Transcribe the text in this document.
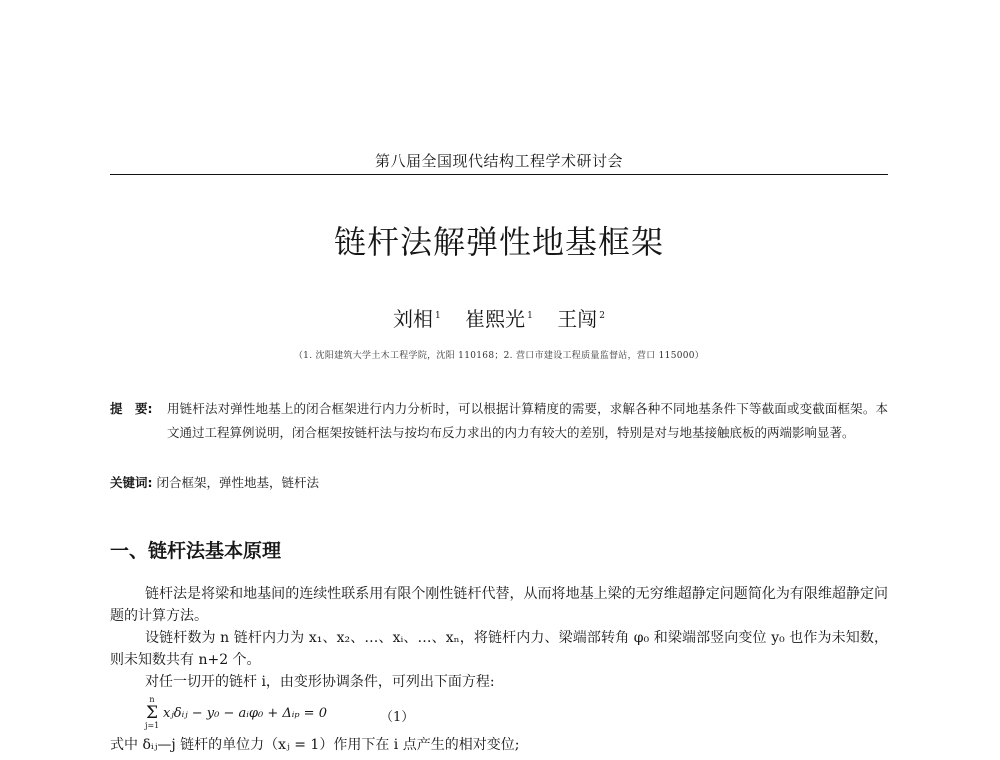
第八届全国现代结构工程学术研讨会
链杆法解弹性地基框架
刘相 $^1$ 崔熙光 $^1$ 王闯 $^2$
（1. 沈阳建筑大学土木工程学院，沈阳 110168；2. 营口市建设工程质量监督站，营口 115000）
提　要: 用链杆法对弹性地基上的闭合框架进行内力分析时，可以根据计算精度的需要，求解各种不同地基条件下等截面或变截面框架。本文通过工程算例说明，闭合框架按链杆法与按均布反力求出的内力有较大的差别，特别是对与地基接触底板的两端影响显著。
关键词: 闭合框架，弹性地基，链杆法
一、链杆法基本原理
链杆法是将梁和地基间的连续性联系用有限个刚性链杆代替，从而将地基上梁的无穷维超静定问题简化为有限维超静定问题的计算方法。
设链杆数为 n 链杆内力为 x₁、x₂、…、xᵢ、…、xₙ，将链杆内力、梁端部转角 φ₀ 和梁端部竖向变位 y₀ 也作为未知数，则未知数共有 n+2 个。
对任一切开的链杆 i，由变形协调条件，可列出下面方程:
n
Σ
j=1
xⱼδᵢⱼ − y₀ − aᵢφ₀ + Δᵢₚ = 0	（1）
式中 δᵢⱼ—j 链杆的单位力（xⱼ = 1）作用下在 i 点产生的相对变位;
